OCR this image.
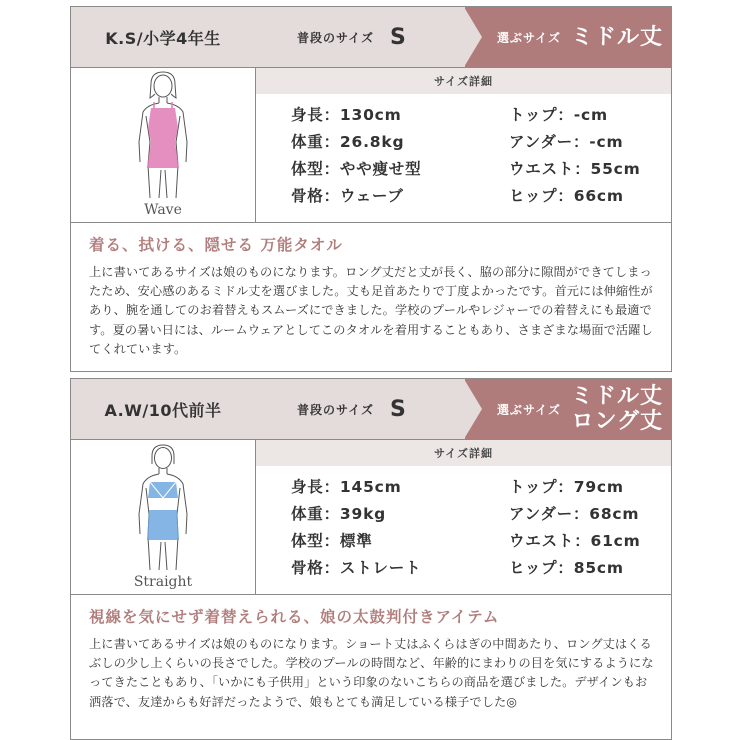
K.S/小学4年生	普段のサイズ S	選ぶサイズ ミドル丈
Wave
サイズ詳細
身長：130cm	トップ：-cm
体重：26.8kg	アンダー：-cm
体型：やや痩せ型	ウエスト：55cm
骨格：ウェーブ	ヒップ：66cm
着る、拭ける、隠せる 万能タオル
上に書いてあるサイズは娘のものになります。ロング丈だと丈が長く、脇の部分に隙間ができてしまったため、安心感のあるミドル丈を選びました。丈も足首あたりで丁度よかったです。首元には伸縮性があり、腕を通してのお着替えもスムーズにできました。学校のプールやレジャーでの着替えにも最適です。夏の暑い日には、ルームウェアとしてこのタオルを着用することもあり、さまざまな場面で活躍してくれています。
A.W/10代前半	普段のサイズ S	選ぶサイズ
ミドル丈
ロング丈
Straight
サイズ詳細
身長：145cm	トップ：79cm
体重：39kg	アンダー：68cm
体型：標準	ウエスト：61cm
骨格：ストレート	ヒップ：85cm
視線を気にせず着替えられる、娘の太鼓判付きアイテム
上に書いてあるサイズは娘のものになります。ショート丈はふくらはぎの中間あたり、ロング丈はくるぶしの少し上くらいの長さでした。学校のプールの時間など、年齢的にまわりの目を気にするようになってきたこともあり、「いかにも子供用」という印象のないこちらの商品を選びました。デザインもお洒落で、友達からも好評だったようで、娘もとても満足している様子でした◎
